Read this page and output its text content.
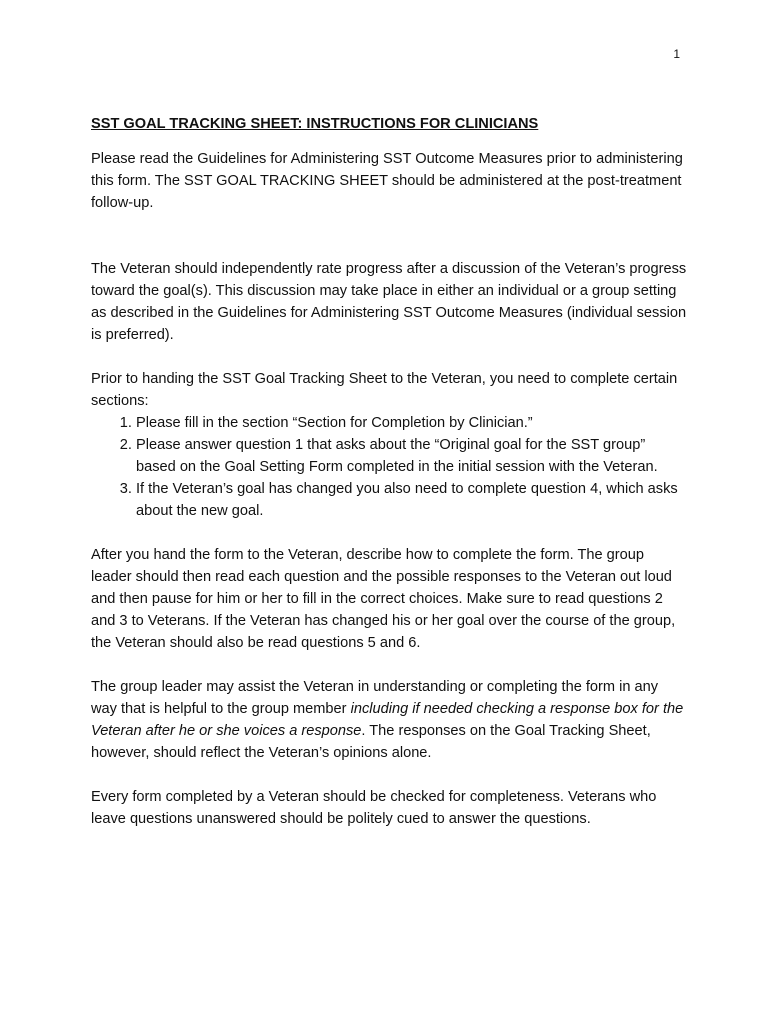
1
SST GOAL TRACKING SHEET: INSTRUCTIONS FOR CLINICIANS

Please read the Guidelines for Administering SST Outcome Measures prior to administering this form. The SST GOAL TRACKING SHEET should be administered at the post-treatment follow-up.

The Veteran should independently rate progress after a discussion of the Veteran’s progress toward the goal(s). This discussion may take place in either an individual or a group setting as described in the Guidelines for Administering SST Outcome Measures (individual session is preferred).

Prior to handing the SST Goal Tracking Sheet to the Veteran, you need to complete certain sections:

1. Please fill in the section “Section for Completion by Clinician.”
2. Please answer question 1 that asks about the “Original goal for the SST group” based on the Goal Setting Form completed in the initial session with the Veteran.
3. If the Veteran’s goal has changed you also need to complete question 4, which asks about the new goal.

After you hand the form to the Veteran, describe how to complete the form. The group leader should then read each question and the possible responses to the Veteran out loud and then pause for him or her to fill in the correct choices. Make sure to read questions 2 and 3 to Veterans. If the Veteran has changed his or her goal over the course of the group, the Veteran should also be read questions 5 and 6.

The group leader may assist the Veteran in understanding or completing the form in any way that is helpful to the group member including if needed checking a response box for the Veteran after he or she voices a response. The responses on the Goal Tracking Sheet, however, should reflect the Veteran’s opinions alone.

Every form completed by a Veteran should be checked for completeness. Veterans who leave questions unanswered should be politely cued to answer the questions.
